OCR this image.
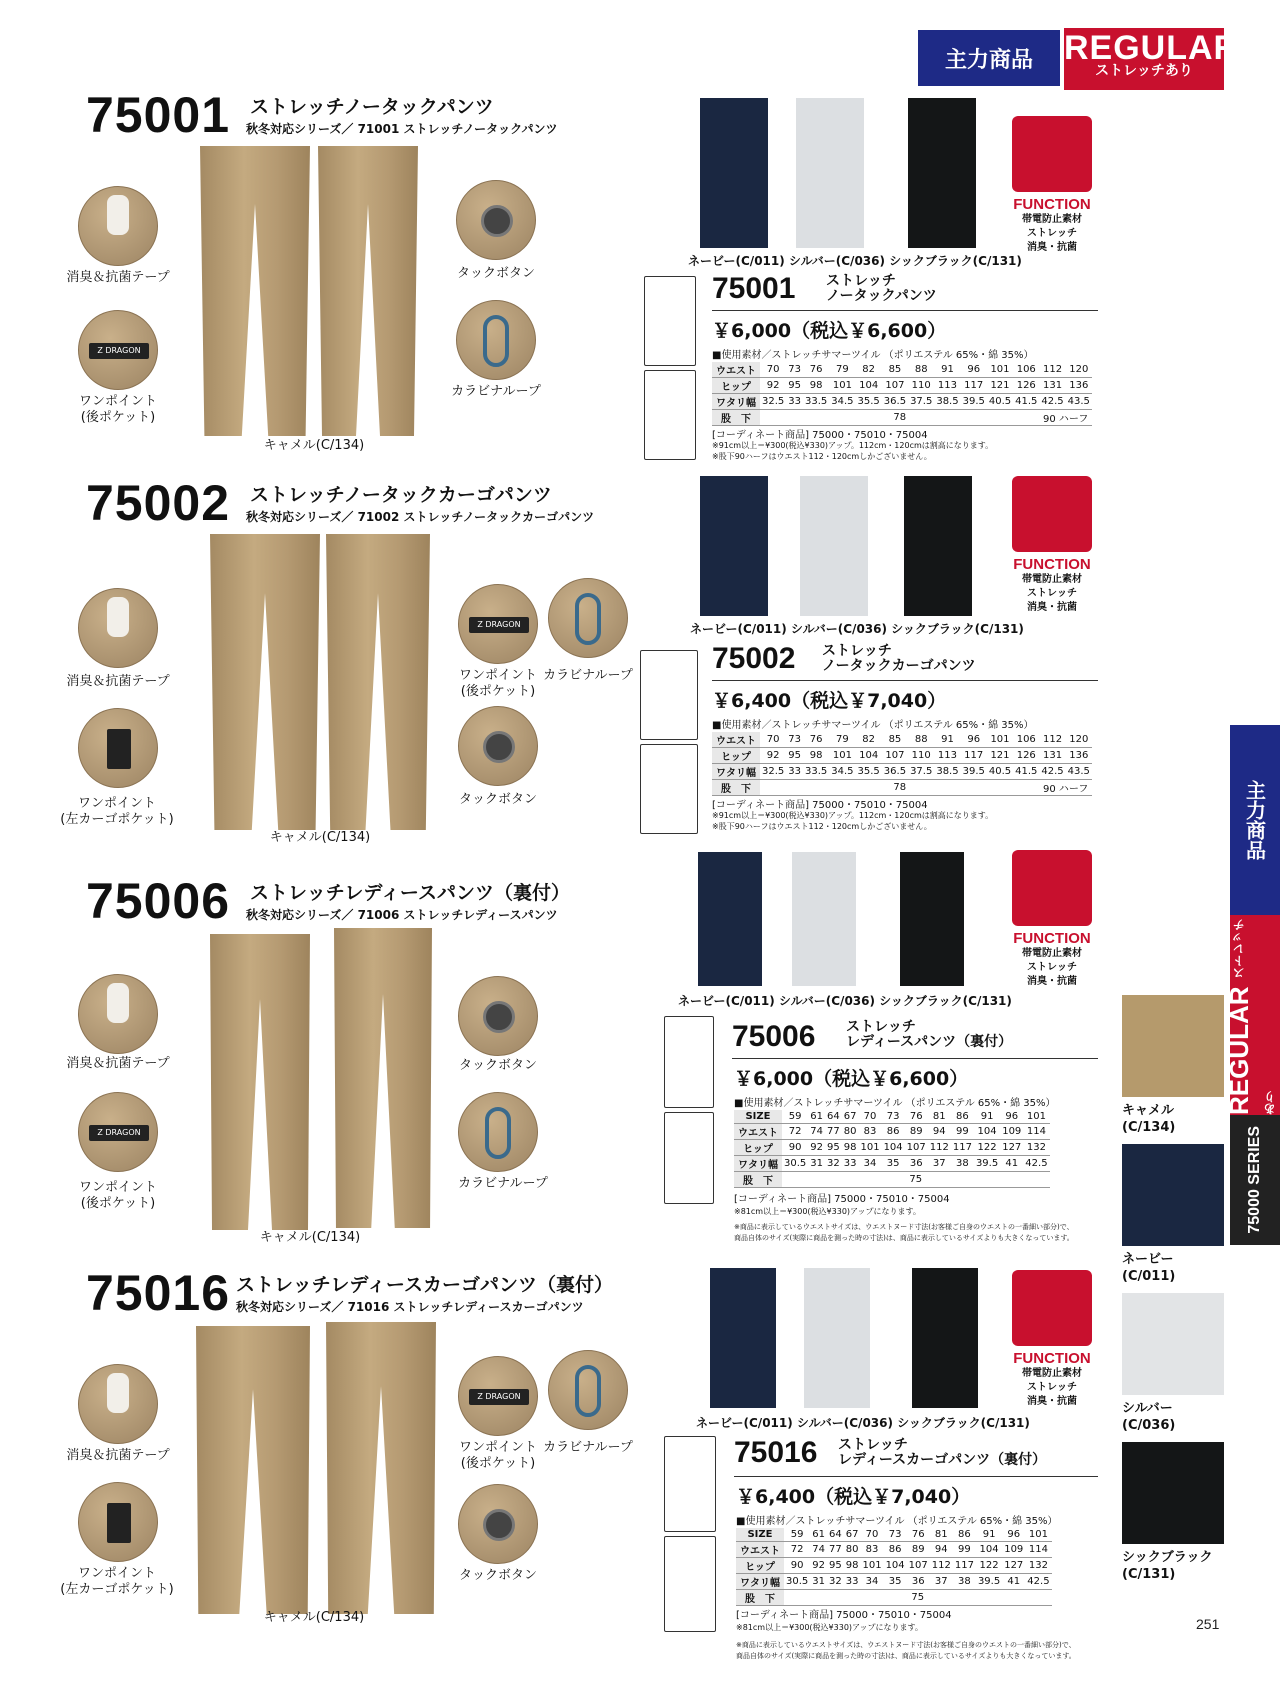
主力商品 REGULAR
ストレッチあり
主力商品
REGULAR ストレッチあり
75000 SERIES
キャメル
(C/134)
ネービー
(C/011)
シルバー
(C/036)
シックブラック
(C/131)
75001 ストレッチノータックパンツ
秋冬対応シリーズ／ 71001 ストレッチノータックパンツ
消臭＆抗菌テープ
Z DRAGON
ワンポイント
(後ポケット)
キャメル(C/134)
タックボタン
カラビナループ
ネービー(C/011) シルバー(C/036) シックブラック(C/131)
FUNCTION
帯電防止素材
ストレッチ
消臭・抗菌
75001 ストレッチ
ノータックパンツ
￥6,000（税込￥6,600）
■使用素材／ストレッチサマーツイル （ポリエステル 65%・綿 35%）
ウエスト	70	73	76	79	82	85	88	91	96	101	106	112	120
ヒップ	92	95	98	101	104	107	110	113	117	121	126	131	136
ワタリ幅	32.5	33	33.5	34.5	35.5	36.5	37.5	38.5	39.5	40.5	41.5	42.5	43.5
股　下	78											90 ハーフ	
[コーディネート商品] 75000・75010・75004
※91cm以上＝¥300(税込¥330)アップ。112cm・120cmは割高になります。
※股下90ハーフはウエスト112・120cmしかございません。
75002 ストレッチノータックカーゴパンツ
秋冬対応シリーズ／ 71002 ストレッチノータックカーゴパンツ
消臭＆抗菌テープ
ワンポイント
(左カーゴポケット)
キャメル(C/134)
Z DRAGON
ワンポイント
(後ポケット)
カラビナループ
タックボタン
ネービー(C/011) シルバー(C/036) シックブラック(C/131)
FUNCTION
帯電防止素材
ストレッチ
消臭・抗菌
75002 ストレッチ
ノータックカーゴパンツ
￥6,400（税込￥7,040）
■使用素材／ストレッチサマーツイル （ポリエステル 65%・綿 35%）
ウエスト	70	73	76	79	82	85	88	91	96	101	106	112	120
ヒップ	92	95	98	101	104	107	110	113	117	121	126	131	136
ワタリ幅	32.5	33	33.5	34.5	35.5	36.5	37.5	38.5	39.5	40.5	41.5	42.5	43.5
股　下	78											90 ハーフ	
[コーディネート商品] 75000・75010・75004
※91cm以上＝¥300(税込¥330)アップ。112cm・120cmは割高になります。
※股下90ハーフはウエスト112・120cmしかございません。
75006 ストレッチレディースパンツ（裏付）
秋冬対応シリーズ／ 71006 ストレッチレディースパンツ
消臭＆抗菌テープ
Z DRAGON
ワンポイント
(後ポケット)
キャメル(C/134)
タックボタン
カラビナループ
ネービー(C/011) シルバー(C/036) シックブラック(C/131)
FUNCTION
帯電防止素材
ストレッチ
消臭・抗菌
75006 ストレッチ
レディースパンツ（裏付）
￥6,000（税込￥6,600）
■使用素材／ストレッチサマーツイル （ポリエステル 65%・綿 35%）
SIZE	59	61	64	67	70	73	76	81	86	91	96	101
ウエスト	72	74	77	80	83	86	89	94	99	104	109	114
ヒップ	90	92	95	98	101	104	107	112	117	122	127	132
ワタリ幅	30.5	31	32	33	34	35	36	37	38	39.5	41	42.5
股　下	75											
[コーディネート商品] 75000・75010・75004
※81cm以上＝¥300(税込¥330)アップになります。
※商品に表示しているウエストサイズは、ウエストヌード寸法(お客様ご自身のウエストの一番細い部分)で、
商品自体のサイズ(実際に商品を測った時の寸法)は、商品に表示しているサイズよりも大きくなっています。
75016 ストレッチレディースカーゴパンツ（裏付）
秋冬対応シリーズ／ 71016 ストレッチレディースカーゴパンツ
消臭＆抗菌テープ
ワンポイント
(左カーゴポケット)
キャメル(C/134)
Z DRAGON
ワンポイント
(後ポケット)
カラビナループ
タックボタン
ネービー(C/011) シルバー(C/036) シックブラック(C/131)
FUNCTION
帯電防止素材
ストレッチ
消臭・抗菌
75016 ストレッチ
レディースカーゴパンツ（裏付）
￥6,400（税込￥7,040）
■使用素材／ストレッチサマーツイル （ポリエステル 65%・綿 35%）
SIZE	59	61	64	67	70	73	76	81	86	91	96	101
ウエスト	72	74	77	80	83	86	89	94	99	104	109	114
ヒップ	90	92	95	98	101	104	107	112	117	122	127	132
ワタリ幅	30.5	31	32	33	34	35	36	37	38	39.5	41	42.5
股　下	75											
[コーディネート商品] 75000・75010・75004
※81cm以上＝¥300(税込¥330)アップになります。
※商品に表示しているウエストサイズは、ウエストヌード寸法(お客様ご自身のウエストの一番細い部分)で、
商品自体のサイズ(実際に商品を測った時の寸法)は、商品に表示しているサイズよりも大きくなっています。
251
